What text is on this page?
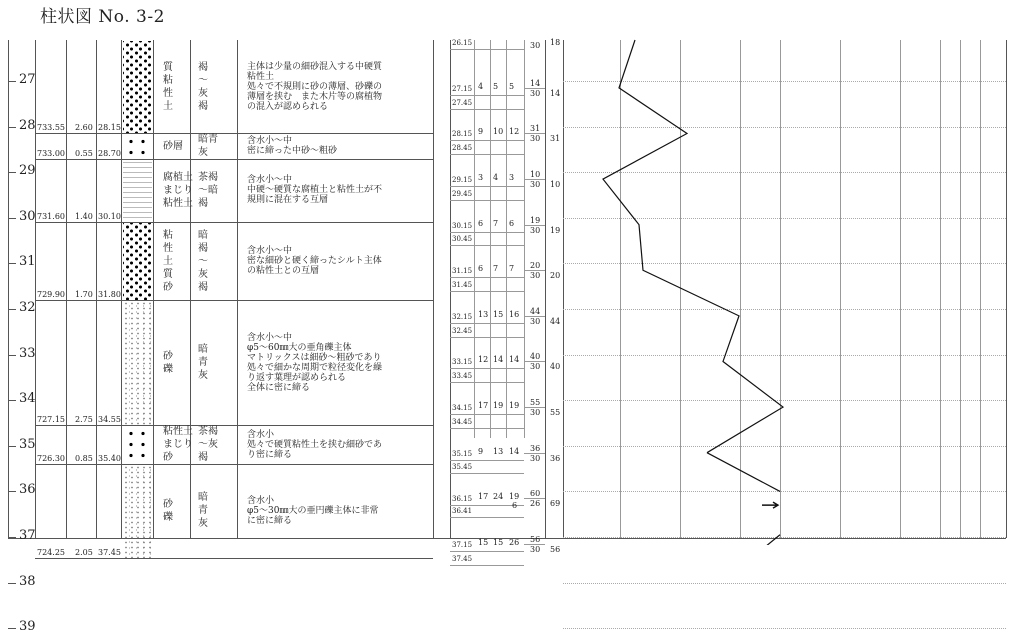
柱状図 No. 3-2
27
28
29
30
31
32
33
34
35
36
37
38
39
733.55 2.60 28.15
質
粘
性
土
褐
～
灰
褐
主体は少量の細砂混入する中硬質
粘性土
処々で不規則に砂の薄層、砂礫の
薄層を挟む　また木片等の腐植物
の混入が認められる
733.00 0.55 28.70
砂層
暗青
灰
含水小～中
密に締った中砂～粗砂
731.60 1.40 30.10
腐植土
まじり
粘性土
茶褐
～暗
褐
含水小～中
中硬～硬質な腐植土と粘性土が不
規則に混在する互層
729.90 1.70 31.80
粘
性
土
質
砂
暗
褐
～
灰
褐
含水小～中
密な細砂と硬く締ったシルト主体
の粘性土との互層
727.15 2.75 34.55
砂
礫
暗
青
灰
含水小～中
φ5～60㎜大の亜角礫主体
マトリックスは細砂～粗砂であり
処々で細かな周期で粒径変化を繰
り返す葉理が認められる
全体に密に締る
726.30 0.85 35.40
粘性土
まじり
砂
茶褐
～灰
褐
含水小
処々で硬質粘性土を挟む細砂であ
り密に締る
724.25 2.05 37.45
砂
礫
暗
青
灰
含水小
φ5～30㎜大の亜円礫主体に非常
に密に締る
26.15
27.15 4 5 5 14
30 14
27.45
28.15 9 10 12 31
30 31
28.45
29.15 3 4 3 10
30 10
29.45
30.15 6 7 6 19
30 19
30.45
31.15 6 7 7 20
30 20
31.45
32.15 13 15 16 44
30 44
32.45
33.15 12 14 14 40
30 40
33.45
34.15 17 19 19 55
30 55
34.45
35.15 9 13 14 36
30 36
35.45
36.15 17 24 19 60
26 69
6
36.41
37.15 15 15 26 56
30 56
37.45
30 18
